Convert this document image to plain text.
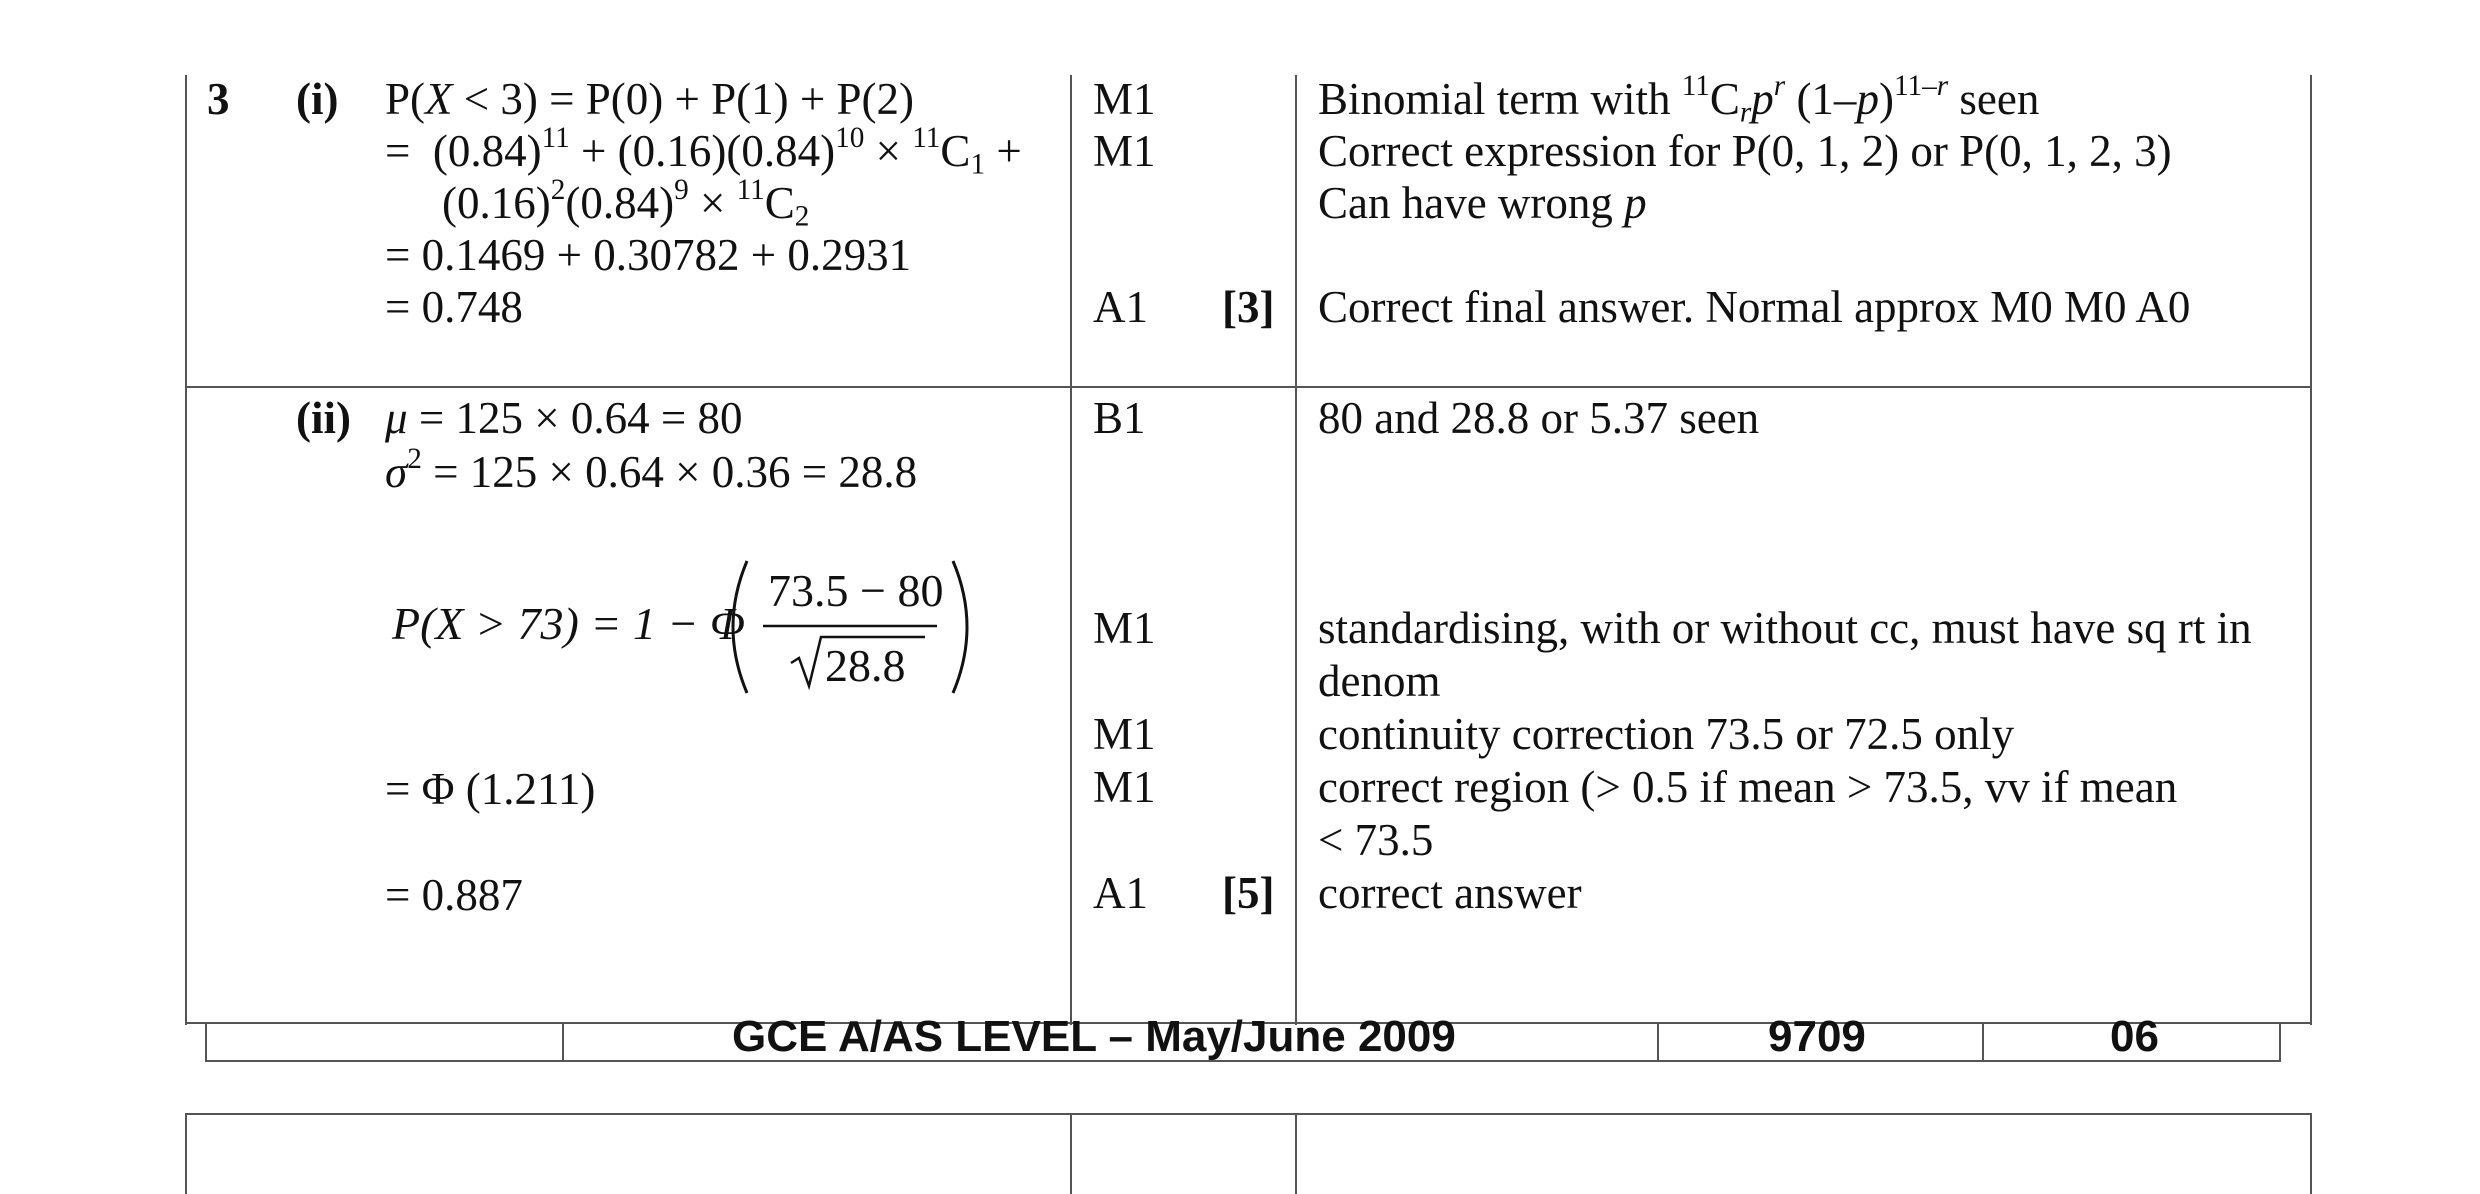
3 (i) P(X < 3) = P(0) + P(1) + P(2)
=  $(0.84)^{11} + (0.16)(0.84)^{10} \times ^{11}C_1$ +
$(0.16)^2(0.84)^9 \times ^{11}C_2$
= 0.1469 + 0.30782 + 0.2931
= 0.748
M1
M1
A1 [3]
Binomial term with $^{11}C_rp^r$ $(1-p)^{11-r}$ seen
Correct expression for P(0, 1, 2) or P(0, 1, 2, 3)
Can have wrong p
Correct final answer. Normal approx M0 M0 A0
(ii) μ = 125 × 0.64 = 80
$\sigma^2 = 125 \times 0.64 \times 0.36 = 28.8$
P(X > 73) = 1 − Φ
73.5 − 80
28.8
= Φ (1.211)
= 0.887
B1
M1
M1
M1
A1 [5]
80 and 28.8 or 5.37 seen
standardising, with or without cc, must have sq rt in
denom
continuity correction 73.5 or 72.5 only
correct region (> 0.5 if mean > 73.5, vv if mean
< 73.5
correct answer
GCE A/AS LEVEL – May/June 2009	9709	06
